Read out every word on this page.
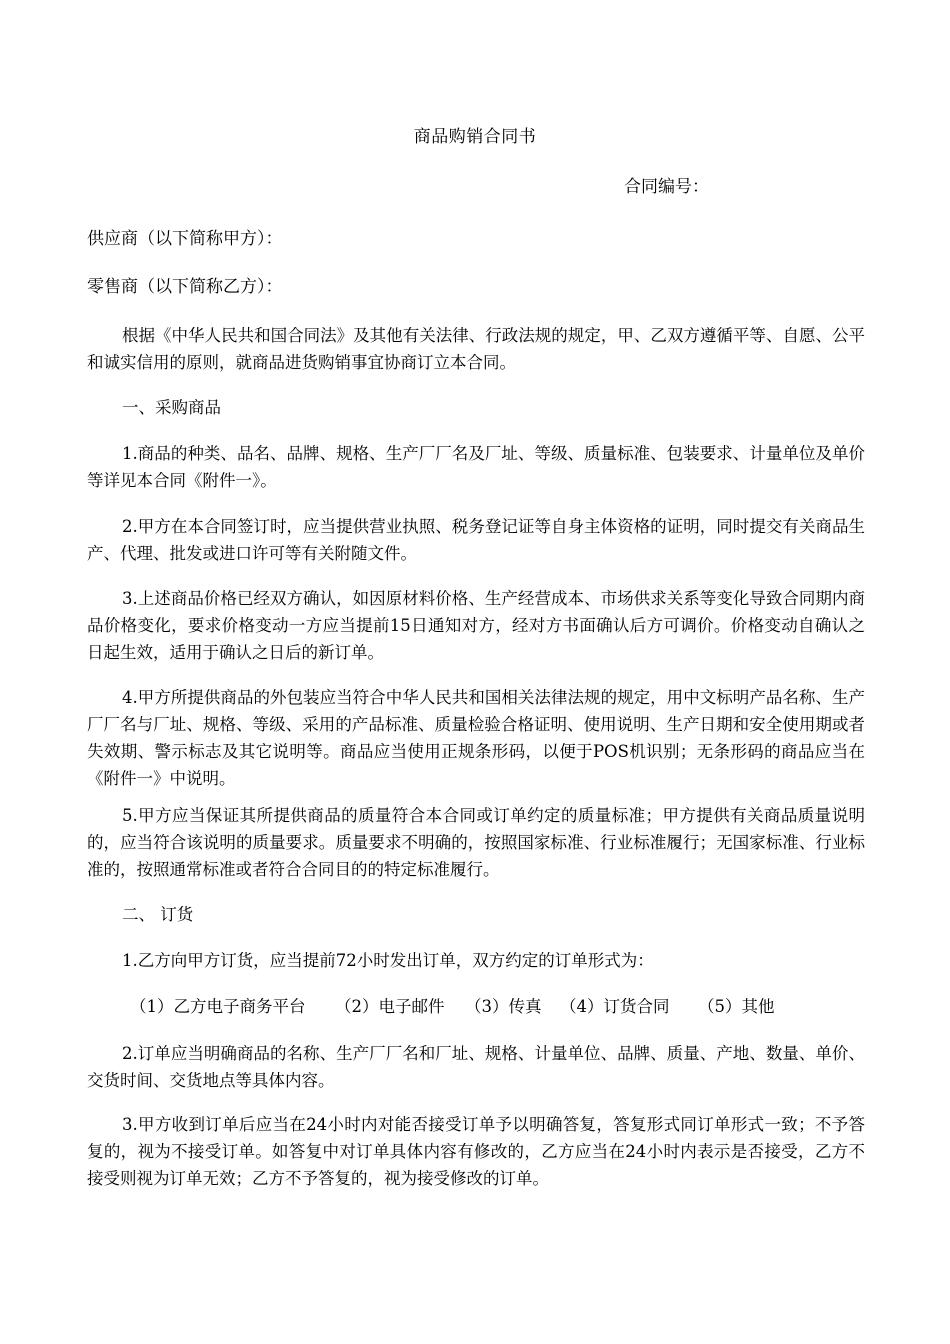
商品购销合同书
合同编号：
供应商（以下简称甲方）：
零售商（以下简称乙方）：
根据《中华人民共和国合同法》及其他有关法律、行政法规的规定，甲、乙双方遵循平等、自愿、公平和诚实信用的原则，就商品进货购销事宜协商订立本合同。
一、采购商品
1.商品的种类、品名、品牌、规格、生产厂厂名及厂址、等级、质量标准、包装要求、计量单位及单价等详见本合同《附件一》。
2.甲方在本合同签订时，应当提供营业执照、税务登记证等自身主体资格的证明，同时提交有关商品生产、代理、批发或进口许可等有关附随文件。
3.上述商品价格已经双方确认，如因原材料价格、生产经营成本、市场供求关系等变化导致合同期内商品价格变化，要求价格变动一方应当提前15日通知对方，经对方书面确认后方可调价。价格变动自确认之日起生效，适用于确认之日后的新订单。
4.甲方所提供商品的外包装应当符合中华人民共和国相关法律法规的规定，用中文标明产品名称、生产厂厂名与厂址、规格、等级、采用的产品标准、质量检验合格证明、使用说明、生产日期和安全使用期或者失效期、警示标志及其它说明等。商品应当使用正规条形码，以便于POS机识别；无条形码的商品应当在《附件一》中说明。
5.甲方应当保证其所提供商品的质量符合本合同或订单约定的质量标准；甲方提供有关商品质量说明的，应当符合该说明的质量要求。质量要求不明确的，按照国家标准、行业标准履行；无国家标准、行业标准的，按照通常标准或者符合合同目的的特定标准履行。
二、 订货
1.乙方向甲方订货，应当提前72小时发出订单，双方约定的订单形式为：
（1）乙方电子商务平台 （2）电子邮件 （3）传真 （4）订货合同 （5）其他
2.订单应当明确商品的名称、生产厂厂名和厂址、规格、计量单位、品牌、质量、产地、数量、单价、交货时间、交货地点等具体内容。
3.甲方收到订单后应当在24小时内对能否接受订单予以明确答复，答复形式同订单形式一致；不予答复的，视为不接受订单。如答复中对订单具体内容有修改的，乙方应当在24小时内表示是否接受，乙方不接受则视为订单无效；乙方不予答复的，视为接受修改的订单。
